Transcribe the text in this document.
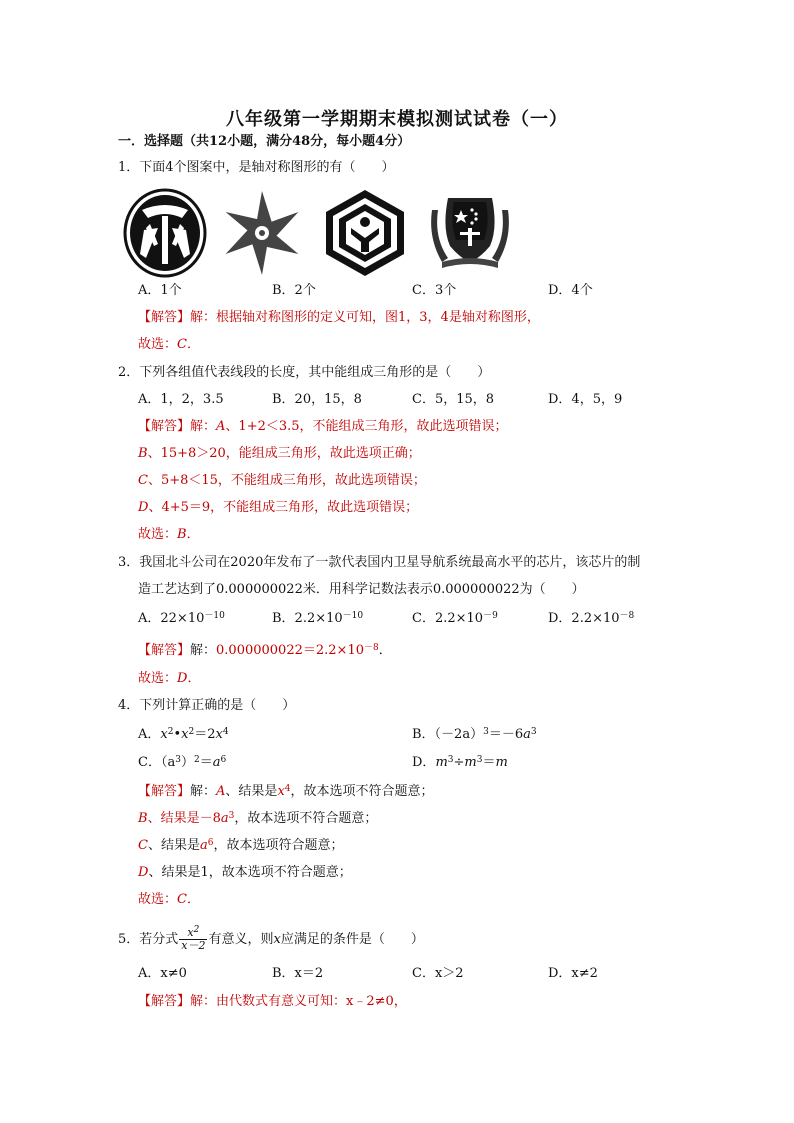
八年级第一学期期末模拟测试试卷（一）
一．选择题（共12小题，满分48分，每小题4分）
1．下面4个图案中，是轴对称图形的有（　　）
A．1个	B．2个	C．3个	D．4个
【解答】解：根据轴对称图形的定义可知，图1，3，4是轴对称图形，
故选：C．
2．下列各组值代表线段的长度，其中能组成三角形的是（　　）
A．1，2，3.5	B．20，15，8	C．5，15，8	D．4，5，9
【解答】解：A、1+2＜3.5，不能组成三角形，故此选项错误；
B、15+8＞20，能组成三角形，故此选项正确；
C、5+8＜15，不能组成三角形，故此选项错误；
D、4+5＝9，不能组成三角形，故此选项错误；
故选：B．
3．我国北斗公司在2020年发布了一款代表国内卫星导航系统最高水平的芯片，该芯片的制
造工艺达到了0.000000022米．用科学记数法表示0.000000022为（　　）
A．$22\times 10^{-10}$	B．$2.2\times 10^{-10}$	C．$2.2\times 10^{-9}$	D．$2.2\times 10^{-8}$
【解答】解：$0.000000022=2.2\times 10^{-8}$．
故选：D．
4．下列计算正确的是（　　）
A．$x^2•x^2=2x^4$	B．$(-2a)^3=-6a^3$
C．$(a^3)^2=a^6$	D．$m^3\div m^3=m$
【解答】解：A、结果是$x^4$，故本选项不符合题意；
B、结果是$-8a^3$，故本选项不符合题意；
C、结果是$a^6$，故本选项符合题意；
D、结果是1，故本选项不符合题意；
故选：C．
5．若分式 $\frac{x^2}{x-2}$ 有意义，则x应满足的条件是（　　）
A．x≠0	B．x＝2	C．x＞2	D．x≠2
【解答】解：由代数式有意义可知：x﹣2≠0，
